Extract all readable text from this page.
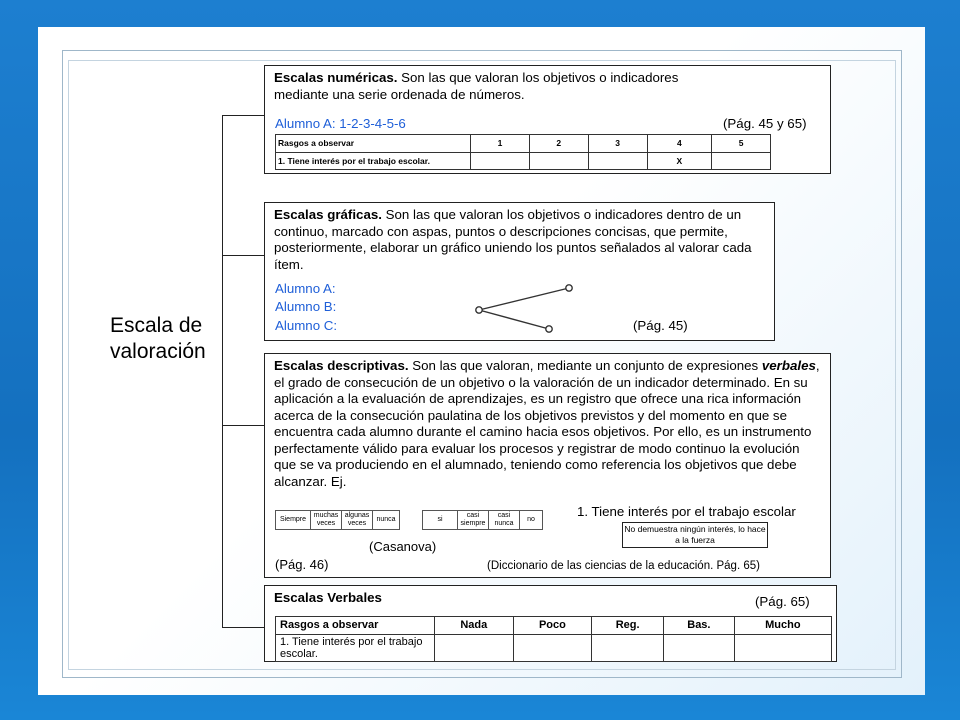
Escala de valoración
Escalas numéricas. Son las que valoran los objetivos o indicadores
mediante una serie ordenada de números.
Alumno A: 1-2-3-4-5-6	(Pág. 45 y 65)
Rasgos a observar	1	2	3	4	5
1. Tiene interés por el trabajo escolar.				X	
Escalas gráficas. Son las que valoran los objetivos o indicadores dentro de un continuo, marcado con aspas, puntos o descripciones concisas, que permite, posteriormente, elaborar un gráfico uniendo los puntos señalados al valorar cada ítem.
Alumno A:
Alumno B:
Alumno C:	(Pág. 45)
Escalas descriptivas. Son las que valoran, mediante un conjunto de expresiones verbales, el grado de consecución de un objetivo o la valoración de un indicador determinado. En su aplicación a la evaluación de aprendizajes, es un registro que ofrece una rica información acerca de la consecución paulatina de los objetivos previstos y del momento en que se encuentra cada alumno durante el camino hacia esos objetivos. Por ello, es un instrumento perfectamente válido para evaluar los procesos y registrar de modo continuo la evolución que se va produciendo en el alumnado, teniendo como referencia los objetivos que debe alcanzar. Ej.
1. Tiene interés por el trabajo escolar
Siempre	muchas veces	algunas veces	nunca	si	casi siempre	casi nunca	no
No demuestra ningún interés, lo hace a la fuerza
(Casanova)
(Pág. 46)	(Diccionario de las ciencias de la educación. Pág. 65)
Escalas Verbales	(Pág. 65)
Rasgos a observar	Nada	Poco	Reg.	Bas.	Mucho
1. Tiene interés por el trabajo escolar.					
